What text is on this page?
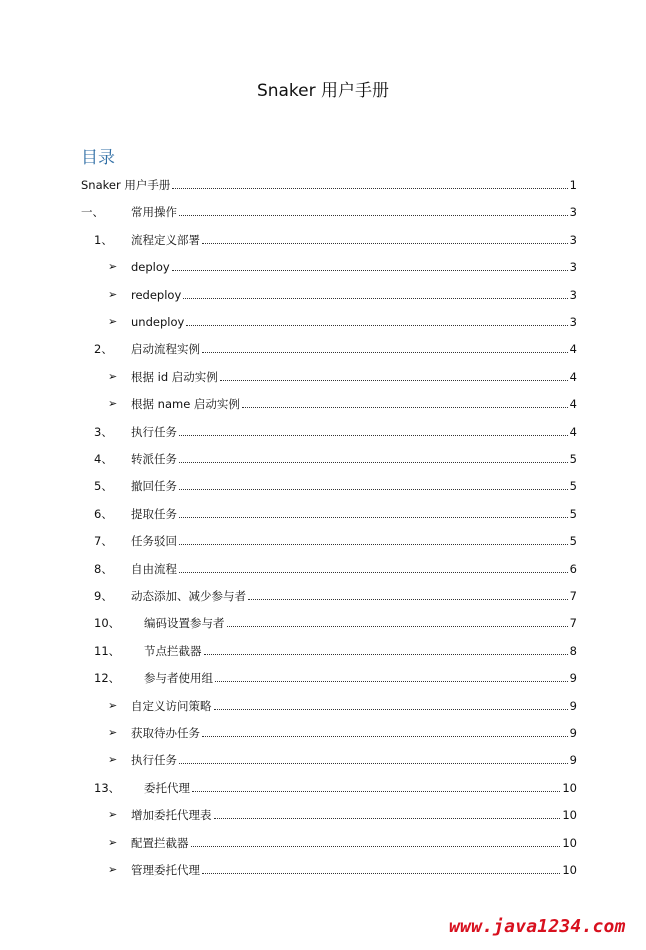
Snaker 用户手册
目录
Snaker 用户手册	1
一、	常用操作	3
1、	流程定义部署	3
➢	deploy	3
➢	redeploy	3
➢	undeploy	3
2、	启动流程实例	4
➢	根据 id 启动实例	4
➢	根据 name 启动实例	4
3、	执行任务	4
4、	转派任务	5
5、	撤回任务	5
6、	提取任务	5
7、	任务驳回	5
8、	自由流程	6
9、	动态添加、减少参与者	7
10、	编码设置参与者	7
11、	节点拦截器	8
12、	参与者使用组	9
➢	自定义访问策略	9
➢	获取待办任务	9
➢	执行任务	9
13、	委托代理	10
➢	增加委托代理表	10
➢	配置拦截器	10
➢	管理委托代理	10
www.java1234.com
